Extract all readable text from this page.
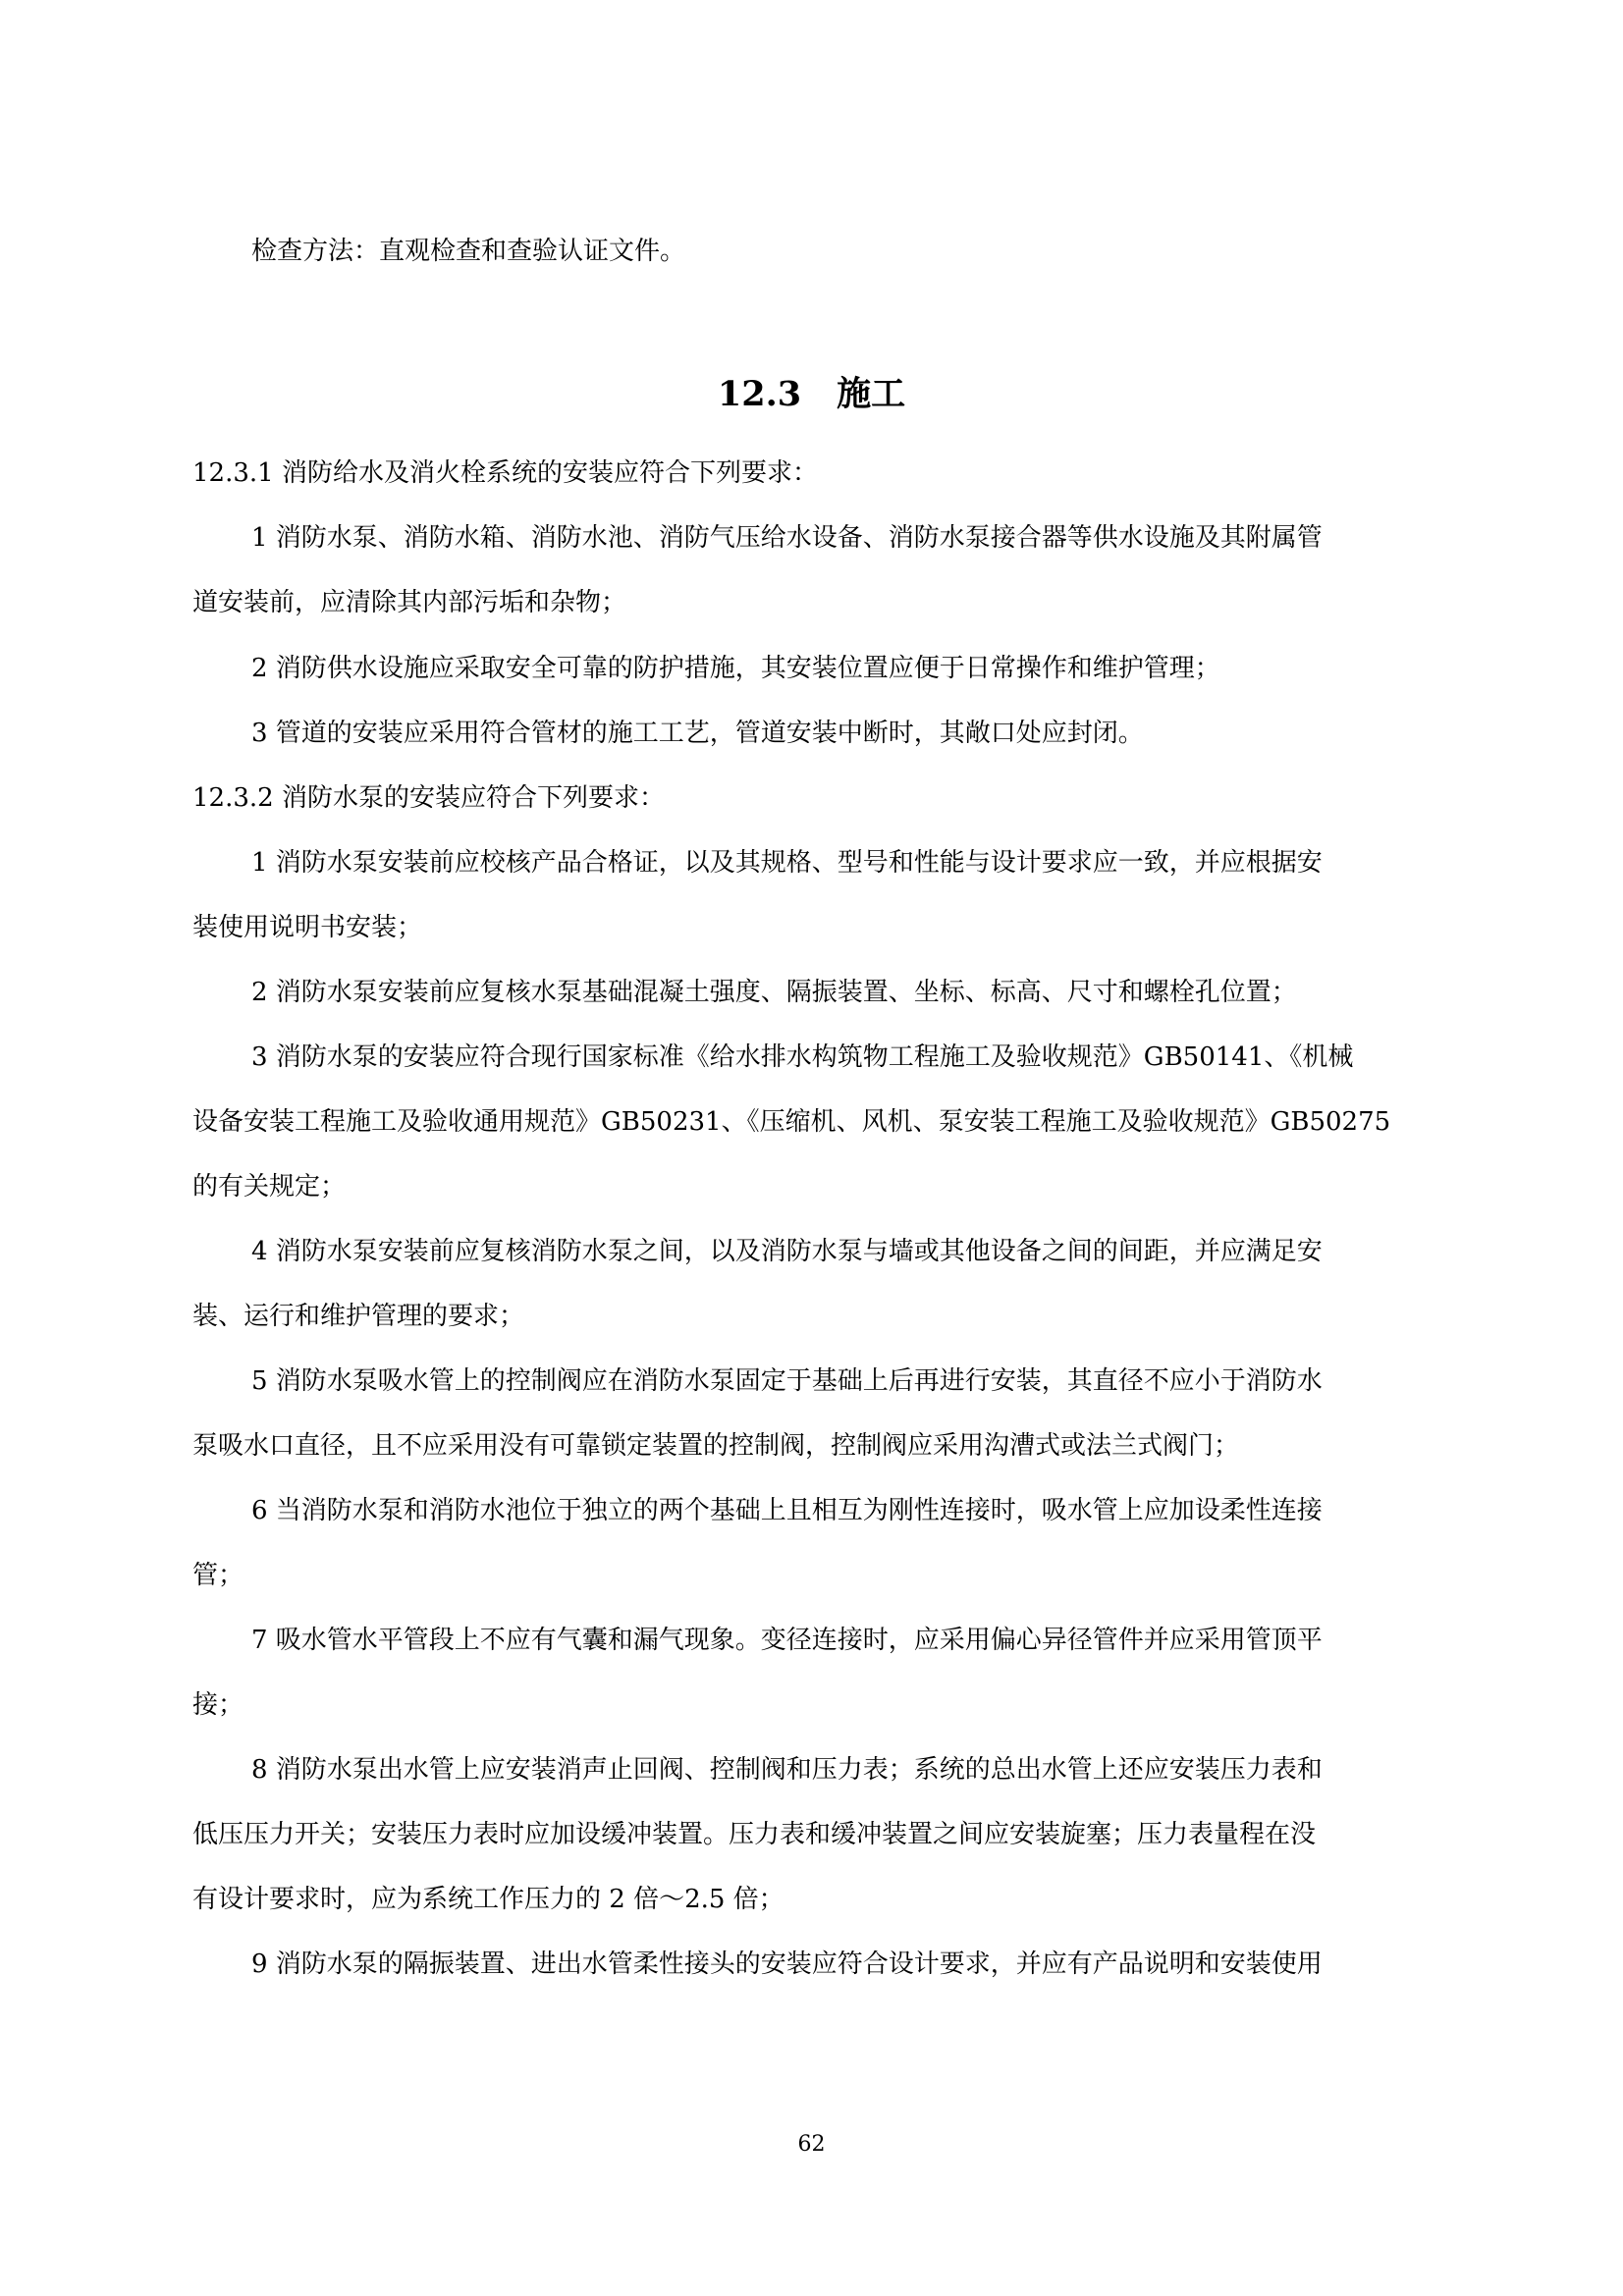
检查方法：直观检查和查验认证文件。

12.3 施工

12.3.1 消防给水及消火栓系统的安装应符合下列要求：

1 消防水泵、消防水箱、消防水池、消防气压给水设备、消防水泵接合器等供水设施及其附属管

道安装前，应清除其内部污垢和杂物；

2 消防供水设施应采取安全可靠的防护措施，其安装位置应便于日常操作和维护管理；

3 管道的安装应采用符合管材的施工工艺，管道安装中断时，其敞口处应封闭。

12.3.2 消防水泵的安装应符合下列要求：

1 消防水泵安装前应校核产品合格证，以及其规格、型号和性能与设计要求应一致，并应根据安

装使用说明书安装；

2 消防水泵安装前应复核水泵基础混凝土强度、隔振装置、坐标、标高、尺寸和螺栓孔位置；

3 消防水泵的安装应符合现行国家标准《给水排水构筑物工程施工及验收规范》GB50141、《机械

设备安装工程施工及验收通用规范》GB50231、《压缩机、风机、泵安装工程施工及验收规范》GB50275

的有关规定；

4 消防水泵安装前应复核消防水泵之间，以及消防水泵与墙或其他设备之间的间距，并应满足安

装、运行和维护管理的要求；

5 消防水泵吸水管上的控制阀应在消防水泵固定于基础上后再进行安装，其直径不应小于消防水

泵吸水口直径，且不应采用没有可靠锁定装置的控制阀，控制阀应采用沟漕式或法兰式阀门；

6 当消防水泵和消防水池位于独立的两个基础上且相互为刚性连接时，吸水管上应加设柔性连接

管；

7 吸水管水平管段上不应有气囊和漏气现象。变径连接时，应采用偏心异径管件并应采用管顶平

接；

8 消防水泵出水管上应安装消声止回阀、控制阀和压力表；系统的总出水管上还应安装压力表和

低压压力开关；安装压力表时应加设缓冲装置。压力表和缓冲装置之间应安装旋塞；压力表量程在没

有设计要求时，应为系统工作压力的 2 倍～2.5 倍；

9 消防水泵的隔振装置、进出水管柔性接头的安装应符合设计要求，并应有产品说明和安装使用

62
